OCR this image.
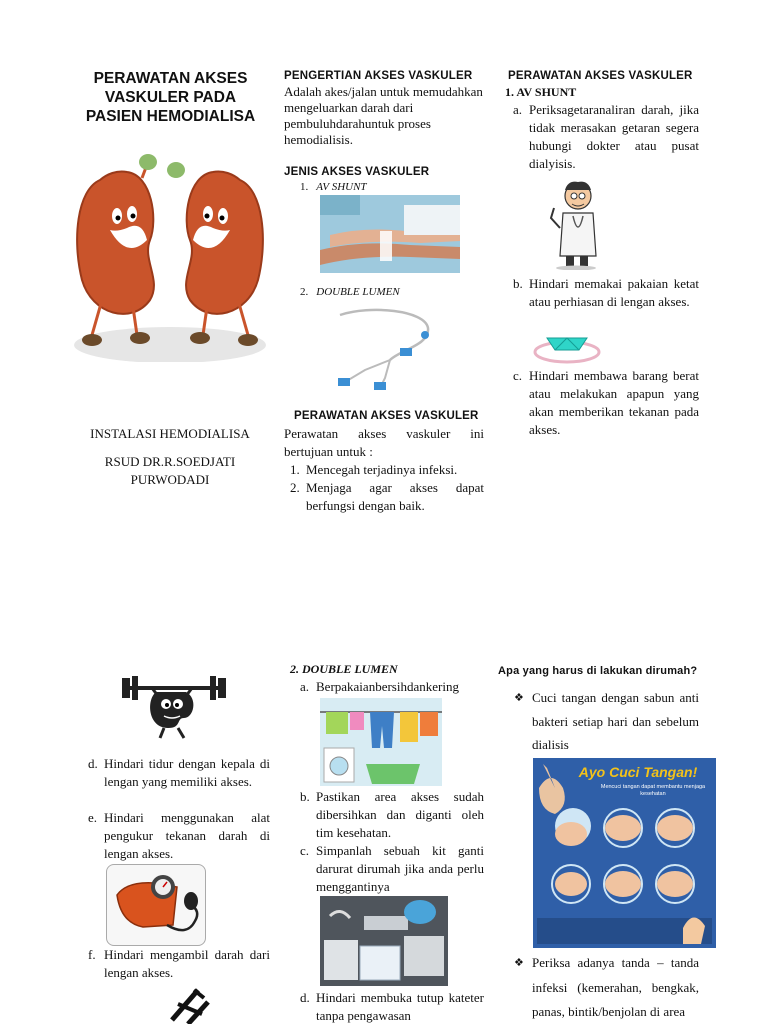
PERAWATAN AKSES
VASKULER PADA
PASIEN HEMODIALISA
INSTALASI HEMODIALISA
RSUD DR.R.SOEDJATI
PURWODADI
PENGERTIAN AKSES VASKULER
Adalah akes/jalan untuk memudahkan mengeluarkan darah dari pembuluhdarahuntuk proses hemodialisis.
JENIS AKSES VASKULER
1. AV SHUNT
2. DOUBLE LUMEN
PERAWATAN AKSES VASKULER
Perawatan akses vaskuler ini bertujuan untuk :
1. Mencegah terjadinya infeksi.
2. Menjaga agar akses dapat berfungsi dengan baik.
PERAWATAN AKSES VASKULER
1. AV SHUNT
a. Periksagetaranaliran darah, jika tidak merasakan getaran segera hubungi dokter atau pusat dialyisis.
b. Hindari memakai pakaian ketat atau perhiasan di lengan akses.
c. Hindari membawa barang berat atau melakukan apapun yang akan memberikan tekanan pada akses.
d. Hindari tidur dengan kepala di lengan yang memiliki akses.
e. Hindari menggunakan alat pengukur tekanan darah di lengan akses.
f. Hindari mengambil darah dari lengan akses.
2. DOUBLE LUMEN
a. Berpakaianbersihdankering
b. Pastikan area akses sudah dibersihkan dan diganti oleh tim kesehatan.
c. Simpanlah sebuah kit ganti darurat dirumah jika anda perlu menggantinya
d. Hindari membuka tutup kateter tanpa pengawasan
Apa yang harus di lakukan dirumah?
❖ Cuci tangan dengan sabun anti bakteri setiap hari dan sebelum dialisis
Ayo Cuci Tangan!
Mencuci tangan dapat membantu menjaga kesehatan
❖ Periksa adanya tanda – tanda infeksi (kemerahan, bengkak, panas, bintik/benjolan di area
